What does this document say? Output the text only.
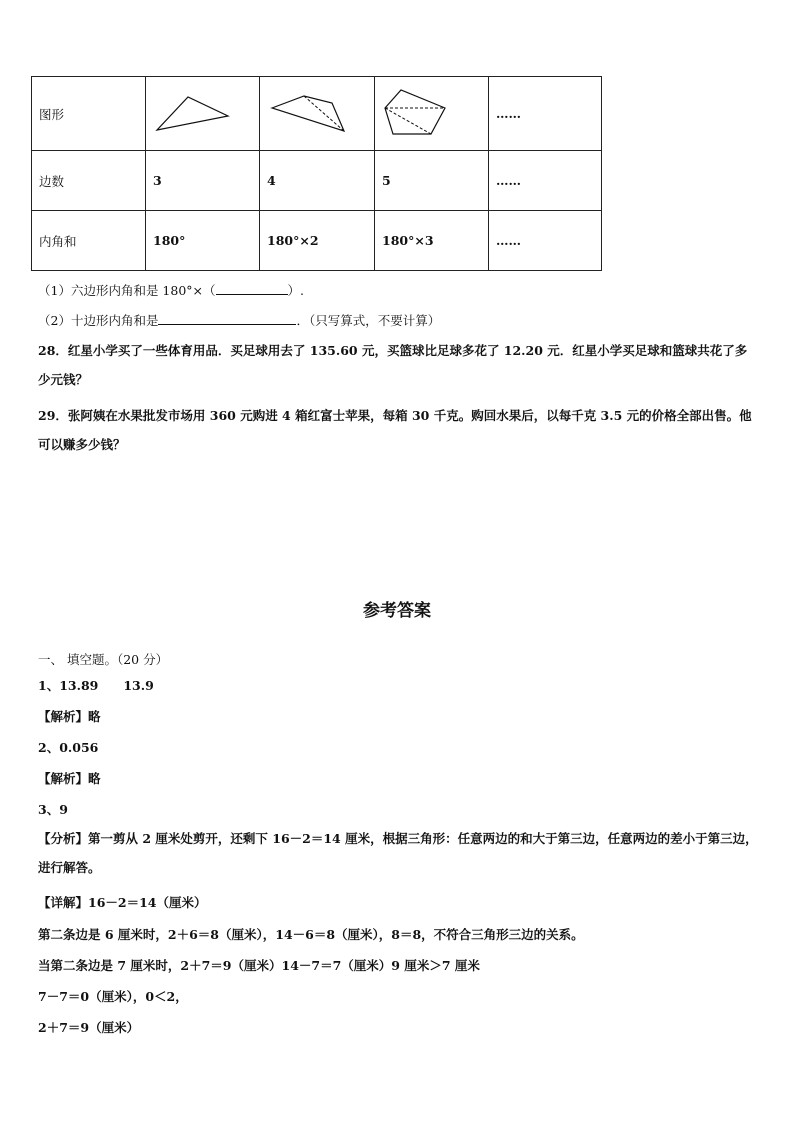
图形				……
边数	3	4	5	……
内角和	180°	180°×2	180°×3	……
（1）六边形内角和是 180°×（	）.
（2）十边形内角和是	．（只写算式，不要计算）
28．红星小学买了一些体育用品．买足球用去了 135.60 元，买篮球比足球多花了 12.20 元．红星小学买足球和篮球共花了多少元钱？
29．张阿姨在水果批发市场用 360 元购进 4 箱红富士苹果，每箱 30 千克。购回水果后，以每千克 3.5 元的价格全部出售。他可以赚多少钱？
参考答案
一、 填空题。（20 分）
1、13.89　　13.9
【解析】略
2、0.056
【解析】略
3、9
【分析】第一剪从 2 厘米处剪开，还剩下 16－2＝14 厘米，根据三角形：任意两边的和大于第三边，任意两边的差小于第三边，进行解答。
【详解】16－2＝14（厘米）
第二条边是 6 厘米时，2＋6＝8（厘米），14－6＝8（厘米），8＝8，不符合三角形三边的关系。
当第二条边是 7 厘米时，2＋7＝9（厘米）14－7＝7（厘米）9 厘米＞7 厘米
7－7＝0（厘米），0＜2，
2＋7＝9（厘米）
